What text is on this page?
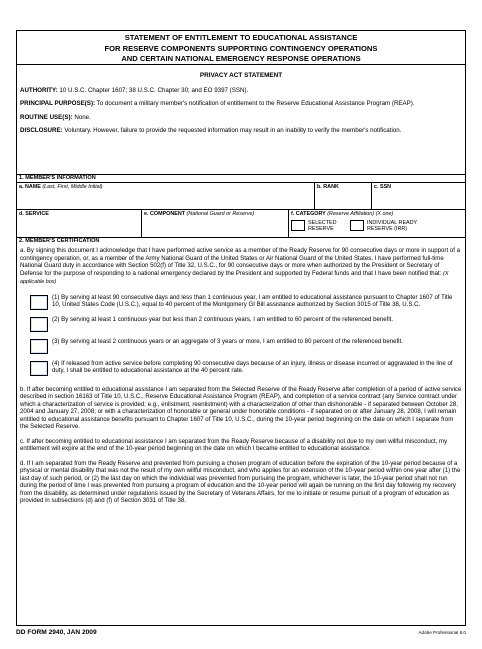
STATEMENT OF ENTITLEMENT TO EDUCATIONAL ASSISTANCE
FOR RESERVE COMPONENTS SUPPORTING CONTINGENCY OPERATIONS
AND CERTAIN NATIONAL EMERGENCY RESPONSE OPERATIONS

PRIVACY ACT STATEMENT

AUTHORITY: 10 U.S.C. Chapter 1607; 38 U.S.C. Chapter 30; and EO 9397 (SSN).

PRINCIPAL PURPOSE(S): To document a military member's notification of entitlement to the Reserve Educational Assistance Program (REAP).

ROUTINE USE(S): None.

DISCLOSURE: Voluntary. However, failure to provide the requested information may result in an inability to verify the member's notification.

1. MEMBER'S INFORMATION
a. NAME (Last, First, Middle Initial)	b. RANK	c. SSN
d. SERVICE	e. COMPONENT (National Guard or Reserve)	f. CATEGORY (Reserve Affiliation) (X one)
SELECTED RESERVE
INDIVIDUAL READY RESERVE (IRR)
2. MEMBER'S CERTIFICATION

a. By signing this document I acknowledge that I have performed active service as a member of the Ready Reserve for 90 consecutive days or more in support of a contingency operation, or, as a member of the Army National Guard of the United States or Air National Guard of the United States, I have performed full-time National Guard duty in accordance with Section 502(f) of Title 32, U.S.C., for 90 consecutive days or more when authorized by the President or Secretary of Defense for the purpose of responding to a national emergency declared by the President and supported by Federal funds and that I have been notified that: (X applicable box)

(1) By serving at least 90 consecutive days and less than 1 continuous year, I am entitled to educational assistance pursuant to Chapter 1607 of Title 10, United States Code (U.S.C.), equal to 40 percent of the Montgomery GI Bill assistance authorized by Section 3015 of Title 38, U.S.C.
(2) By serving at least 1 continuous year but less than 2 continuous years, I am entitled to 60 percent of the referenced benefit.
(3) By serving at least 2 continuous years or an aggregate of 3 years or more, I am entitled to 80 percent of the referenced benefit.
(4) If released from active service before completing 90 consecutive days because of an injury, illness or disease incurred or aggravated in the line of duty, I shall be entitled to educational assistance at the 40 percent rate.

b. If after becoming entitled to educational assistance I am separated from the Selected Reserve of the Ready Reserve after completion of a period of active service described in section 16163 of Title 10, U.S.C., Reserve Educational Assistance Program (REAP), and completion of a service contract (any Service contract under which a characterization of service is provided; e.g., enlistment, reenlistment) with a characterization of other than dishonorable - if separated between October 28, 2004 and January 27, 2008; or with a characterization of honorable or general under honorable conditions - if separated on or after January 28, 2008, I will remain entitled to educational assistance benefits pursuant to Chapter 1607 of Title 10, U.S.C., during the 10-year period beginning on the date on which I separate from the Selected Reserve.

c. If after becoming entitled to educational assistance I am separated from the Ready Reserve because of a disability not due to my own willful misconduct, my entitlement will expire at the end of the 10-year period beginning on the date on which I became entitled to educational assistance.

d. If I am separated from the Ready Reserve and prevented from pursuing a chosen program of education before the expiration of the 10-year period because of a physical or mental disability that was not the result of my own willful misconduct, and who applies for an extension of the 10-year period within one year after (1) the last day of such period, or (2) the last day on which the individual was prevented from pursuing the program, whichever is later, the 10-year period shall not run during the period of time I was prevented from pursuing a program of education and the 10-year period will again be running on the first day following my recovery from the disability, as determined under regulations issued by the Secretary of Veterans Affairs, for me to initiate or resume pursuit of a program of education as provided in subsections (d) and (f) of Section 3031 of Title 38.

DD FORM 2940, JAN 2009	Adobe Professional 8.0
